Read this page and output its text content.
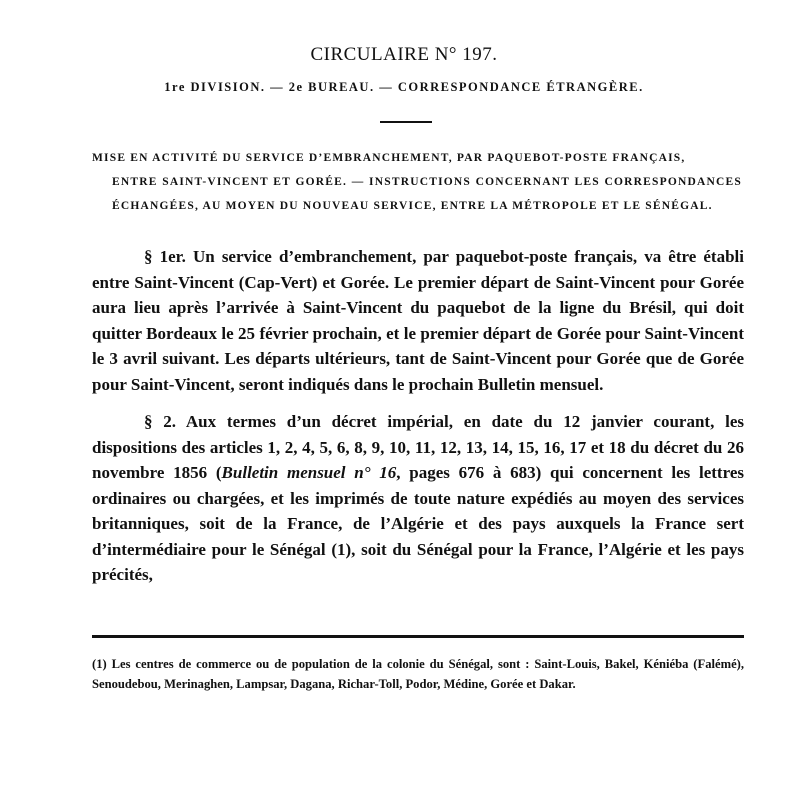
CIRCULAIRE N° 197.
1re DIVISION. — 2e BUREAU. — CORRESPONDANCE ÉTRANGÈRE.
MISE EN ACTIVITÉ DU SERVICE D’EMBRANCHEMENT, PAR PAQUEBOT-POSTE FRANÇAIS,
ENTRE SAINT-VINCENT ET GORÉE. — INSTRUCTIONS CONCERNANT LES CORRESPONDANCES ÉCHANGÉES, AU MOYEN DU NOUVEAU SERVICE, ENTRE LA MÉTROPOLE ET LE SÉNÉGAL.

§ 1er. Un service d’embranchement, par paquebot-poste français, va être établi entre Saint-Vincent (Cap-Vert) et Gorée. Le premier départ de Saint-Vincent pour Gorée aura lieu après l’arrivée à Saint-Vincent du paquebot de la ligne du Brésil, qui doit quitter Bordeaux le 25 février prochain, et le premier départ de Gorée pour Saint-Vincent le 3 avril suivant. Les départs ultérieurs, tant de Saint-Vincent pour Gorée que de Gorée pour Saint-Vincent, seront indiqués dans le prochain Bulletin mensuel.

§ 2. Aux termes d’un décret impérial, en date du 12 janvier courant, les dispositions des articles 1, 2, 4, 5, 6, 8, 9, 10, 11, 12, 13, 14, 15, 16, 17 et 18 du décret du 26 novembre 1856 (Bulletin mensuel n° 16, pages 676 à 683) qui concernent les lettres ordinaires ou chargées, et les imprimés de toute nature expédiés au moyen des services britanniques, soit de la France, de l’Algérie et des pays auxquels la France sert d’intermédiaire pour le Sénégal (1), soit du Sénégal pour la France, l’Algérie et les pays précités,

(1) Les centres de commerce ou de population de la colonie du Sénégal, sont : Saint-Louis, Bakel, Kéniéba (Falémé), Senoudebou, Merinaghen, Lampsar, Dagana, Richar-Toll, Podor, Médine, Gorée et Dakar.
